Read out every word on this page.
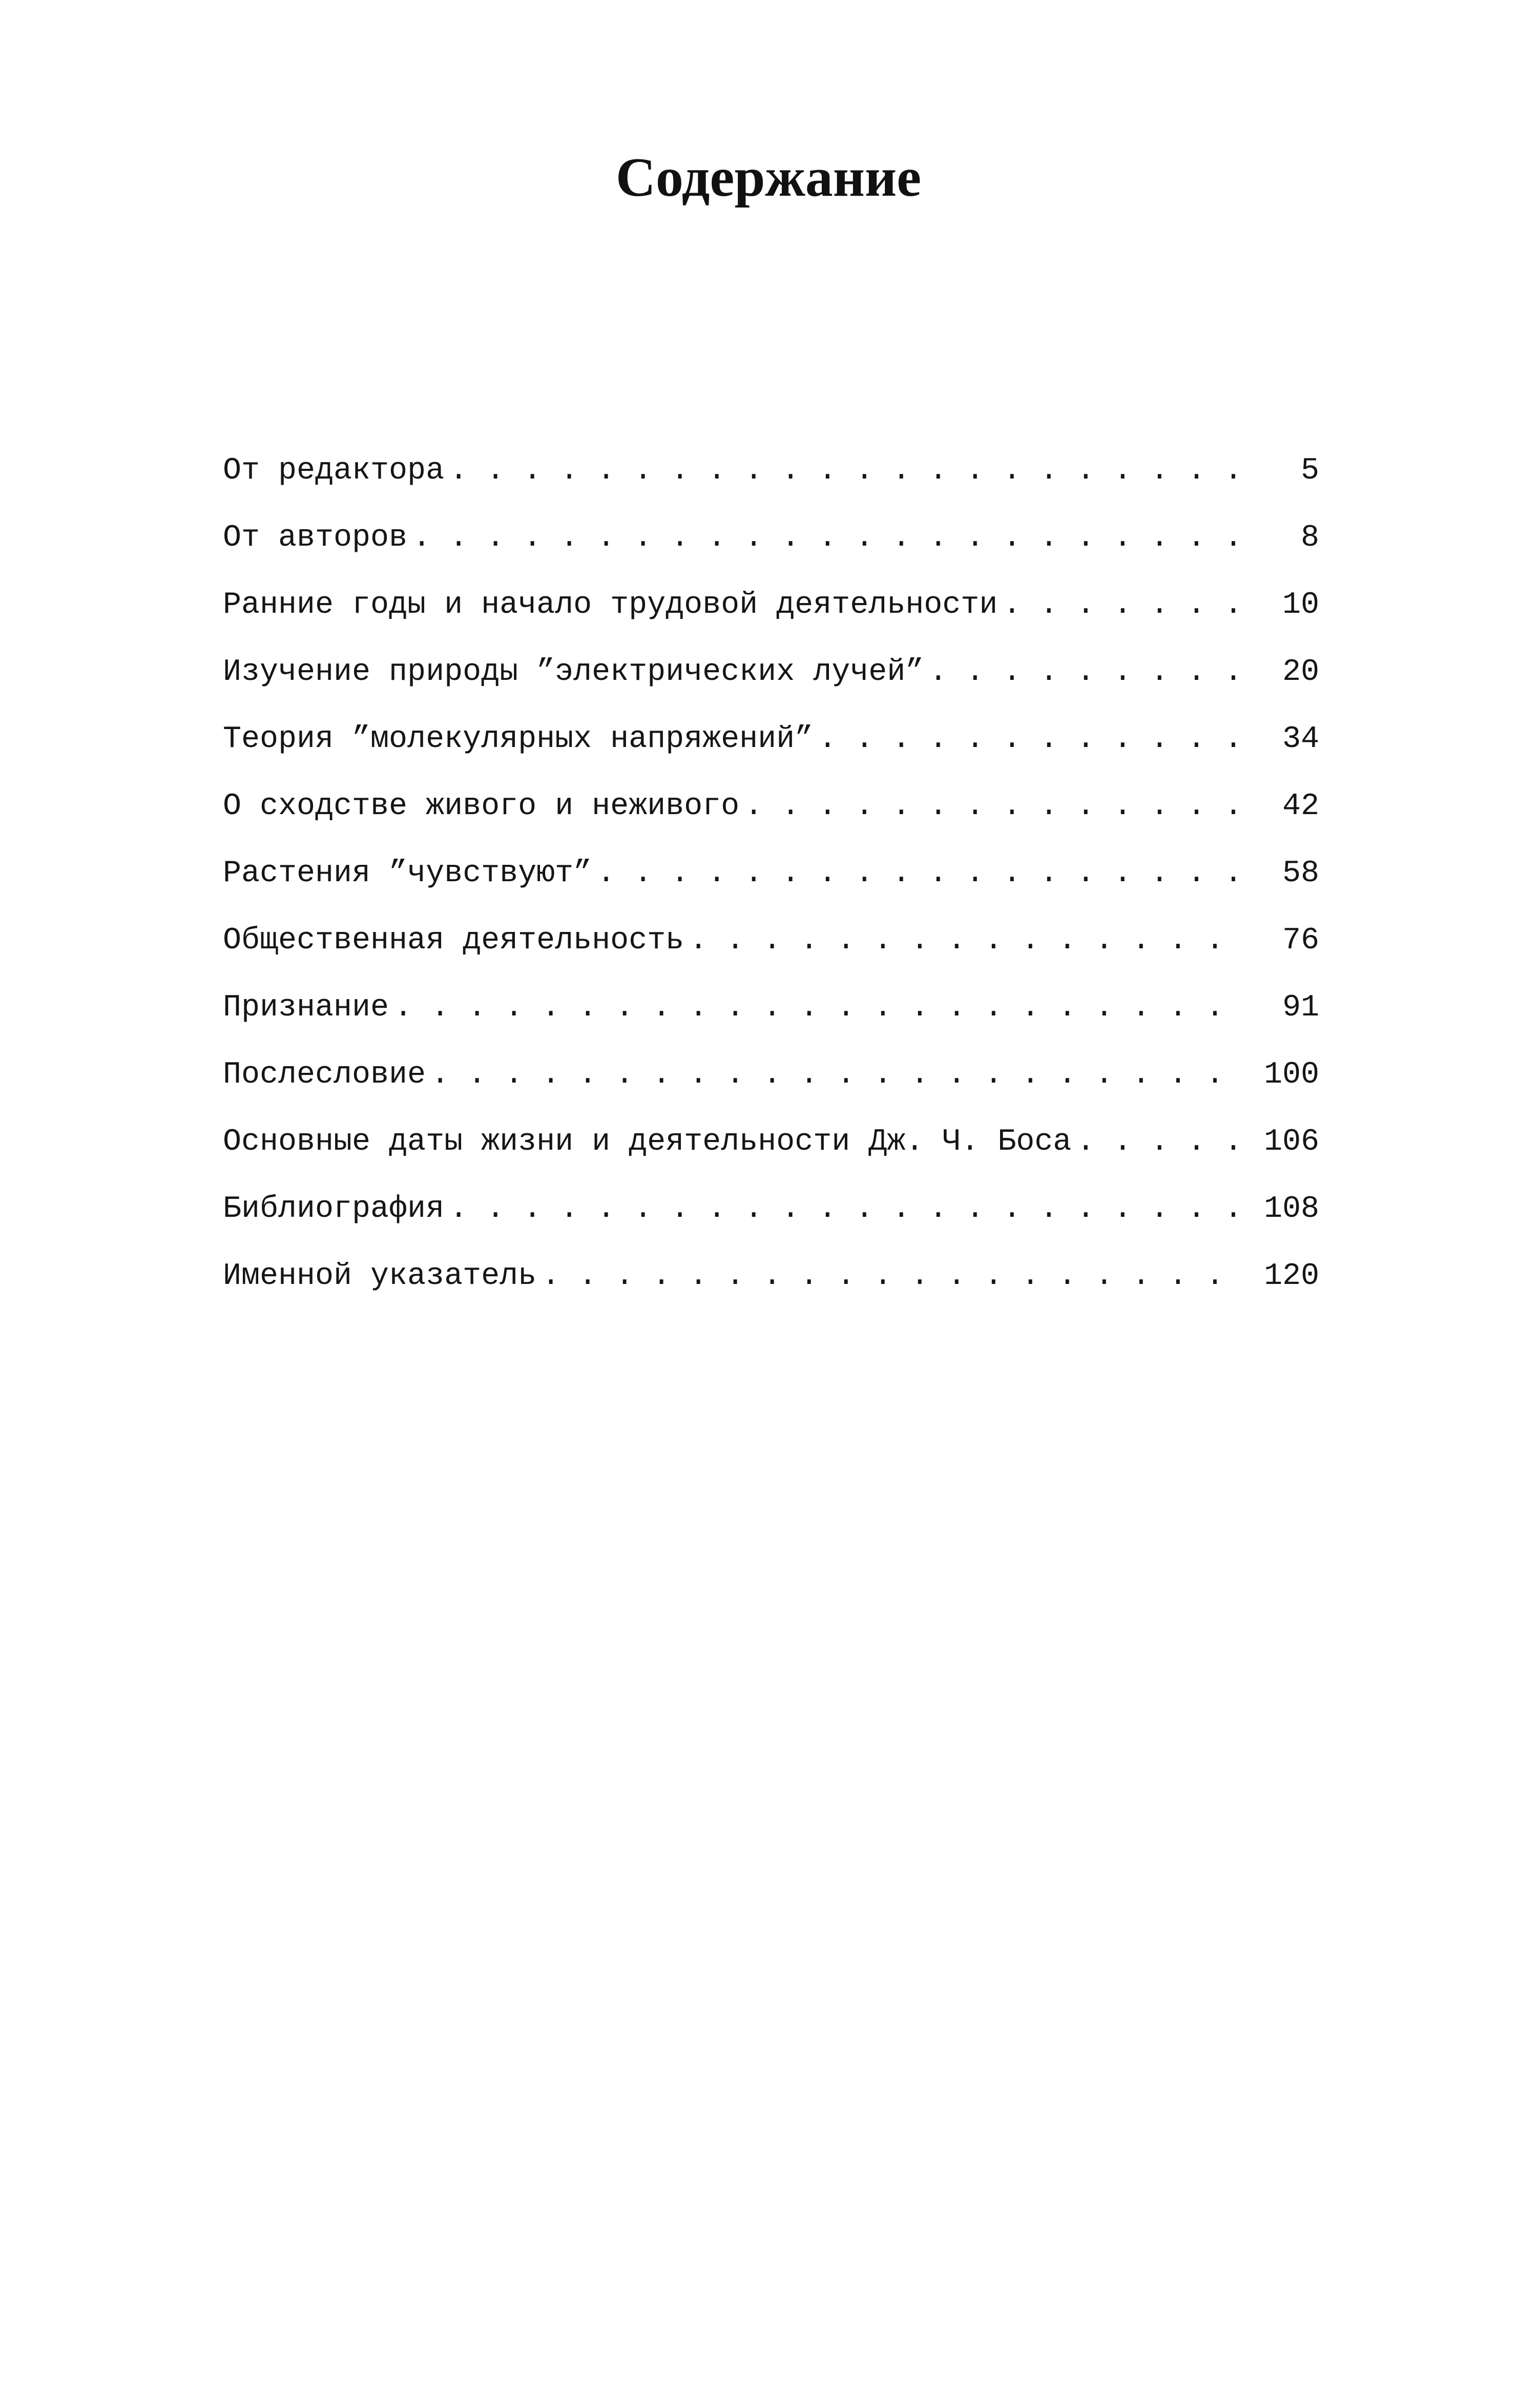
Содержание
От редактора . . .	5
От авторов . . .	8
Ранние годы и начало трудовой деятельности . . .	10
Изучение природы ”электрических лучей” . . .	20
Теория ”молекулярных напряжений” . . .	34
О сходстве живого и неживого . . .	42
Растения ”чувствуют” . . .	58
Общественная деятельность . . .	76
Признание . . .	91
Послесловие . . .	100
Основные даты жизни и деятельности Дж. Ч. Боса . . .	106
Библиография . . .	108
Именной указатель . . .	120
